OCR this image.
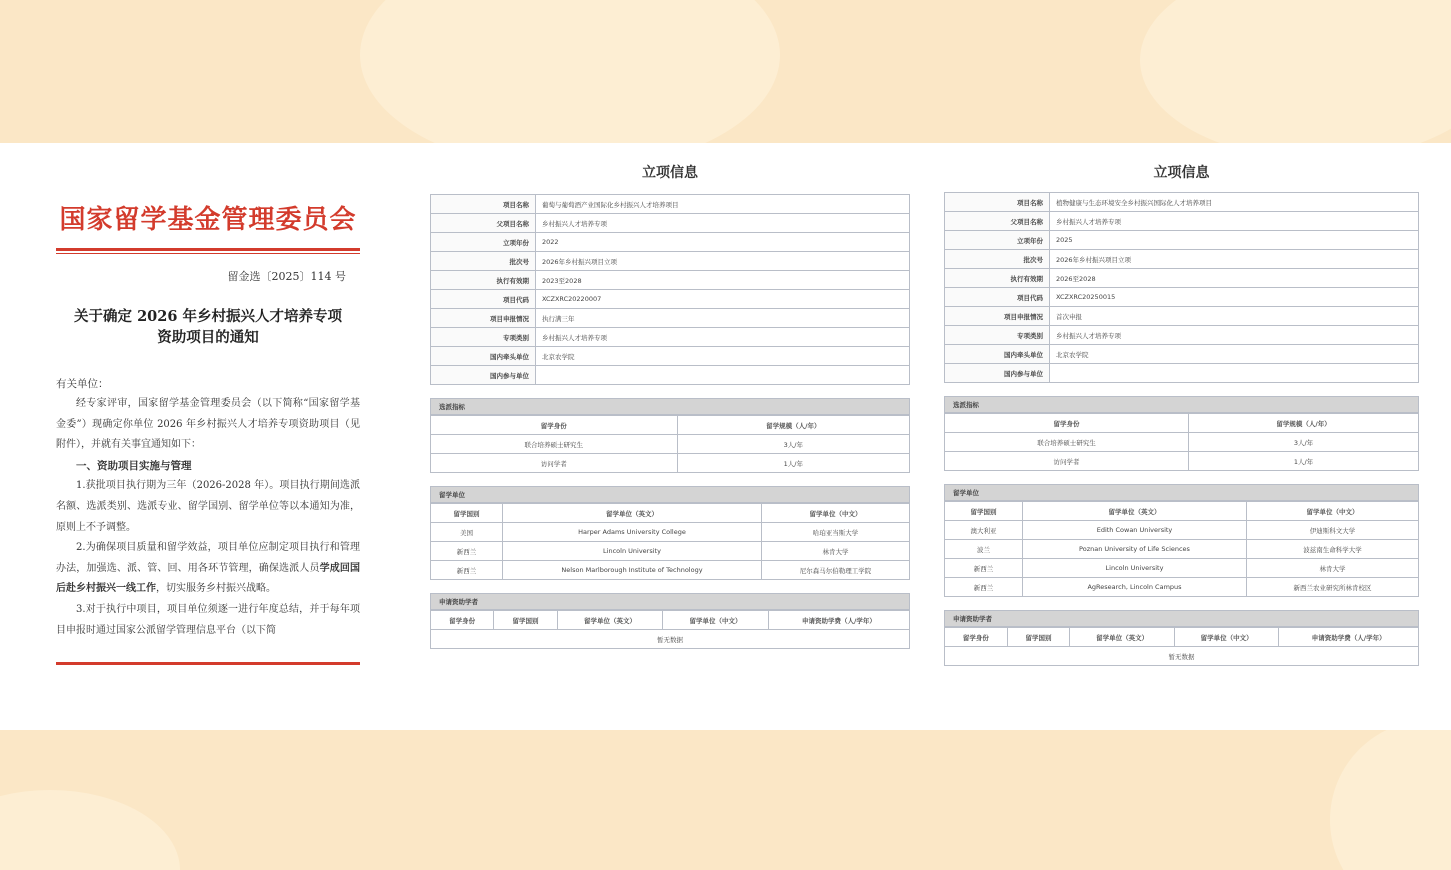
国家留学基金管理委员会
留金选〔2025〕114 号
关于确定 2026 年乡村振兴人才培养专项
资助项目的通知
有关单位：
经专家评审，国家留学基金管理委员会（以下简称“国家留学基金委”）现确定你单位 2026 年乡村振兴人才培养专项资助项目（见附件），并就有关事宜通知如下：
一、资助项目实施与管理
1.获批项目执行期为三年（2026-2028 年）。项目执行期间选派名额、选派类别、选派专业、留学国别、留学单位等以本通知为准，原则上不予调整。
2.为确保项目质量和留学效益，项目单位应制定项目执行和管理办法，加强选、派、管、回、用各环节管理，确保选派人员学成回国后赴乡村振兴一线工作，切实服务乡村振兴战略。
3.对于执行中项目，项目单位须逐一进行年度总结，并于每年项目申报时通过国家公派留学管理信息平台（以下简
立项信息
项目名称	葡萄与葡萄酒产业国际化乡村振兴人才培养项目
父项目名称	乡村振兴人才培养专项
立项年份	2022
批次号	2026年乡村振兴项目立项
执行有效期	2023至2028
项目代码	XCZXRC20220007
项目申报情况	执行满三年
专项类别	乡村振兴人才培养专项
国内牵头单位	北京农学院
国内参与单位	
选派指标
留学身份	留学规模（人/年）
联合培养硕士研究生	3人/年
访问学者	1人/年
留学单位
留学国别	留学单位（英文）	留学单位（中文）
美国	Harper Adams University College	哈珀亚当斯大学
新西兰	Lincoln University	林肯大学
新西兰	Nelson Marlborough Institute of Technology	尼尔森马尔伯勒理工学院
申请资助学者
留学身份	留学国别	留学单位（英文）	留学单位（中文）	申请资助学费（人/学年）
暂无数据
立项信息
项目名称	植物健康与生态环境安全乡村振兴国际化人才培养项目
父项目名称	乡村振兴人才培养专项
立项年份	2025
批次号	2026年乡村振兴项目立项
执行有效期	2026至2028
项目代码	XCZXRC20250015
项目申报情况	首次申报
专项类别	乡村振兴人才培养专项
国内牵头单位	北京农学院
国内参与单位	
选派指标
留学身份	留学规模（人/年）
联合培养硕士研究生	3人/年
访问学者	1人/年
留学单位
留学国别	留学单位（英文）	留学单位（中文）
澳大利亚	Edith Cowan University	伊迪斯科文大学
波兰	Poznan University of Life Sciences	波兹南生命科学大学
新西兰	Lincoln University	林肯大学
新西兰	AgResearch, Lincoln Campus	新西兰农业研究所林肯校区
申请资助学者
留学身份	留学国别	留学单位（英文）	留学单位（中文）	申请资助学费（人/学年）
暂无数据
